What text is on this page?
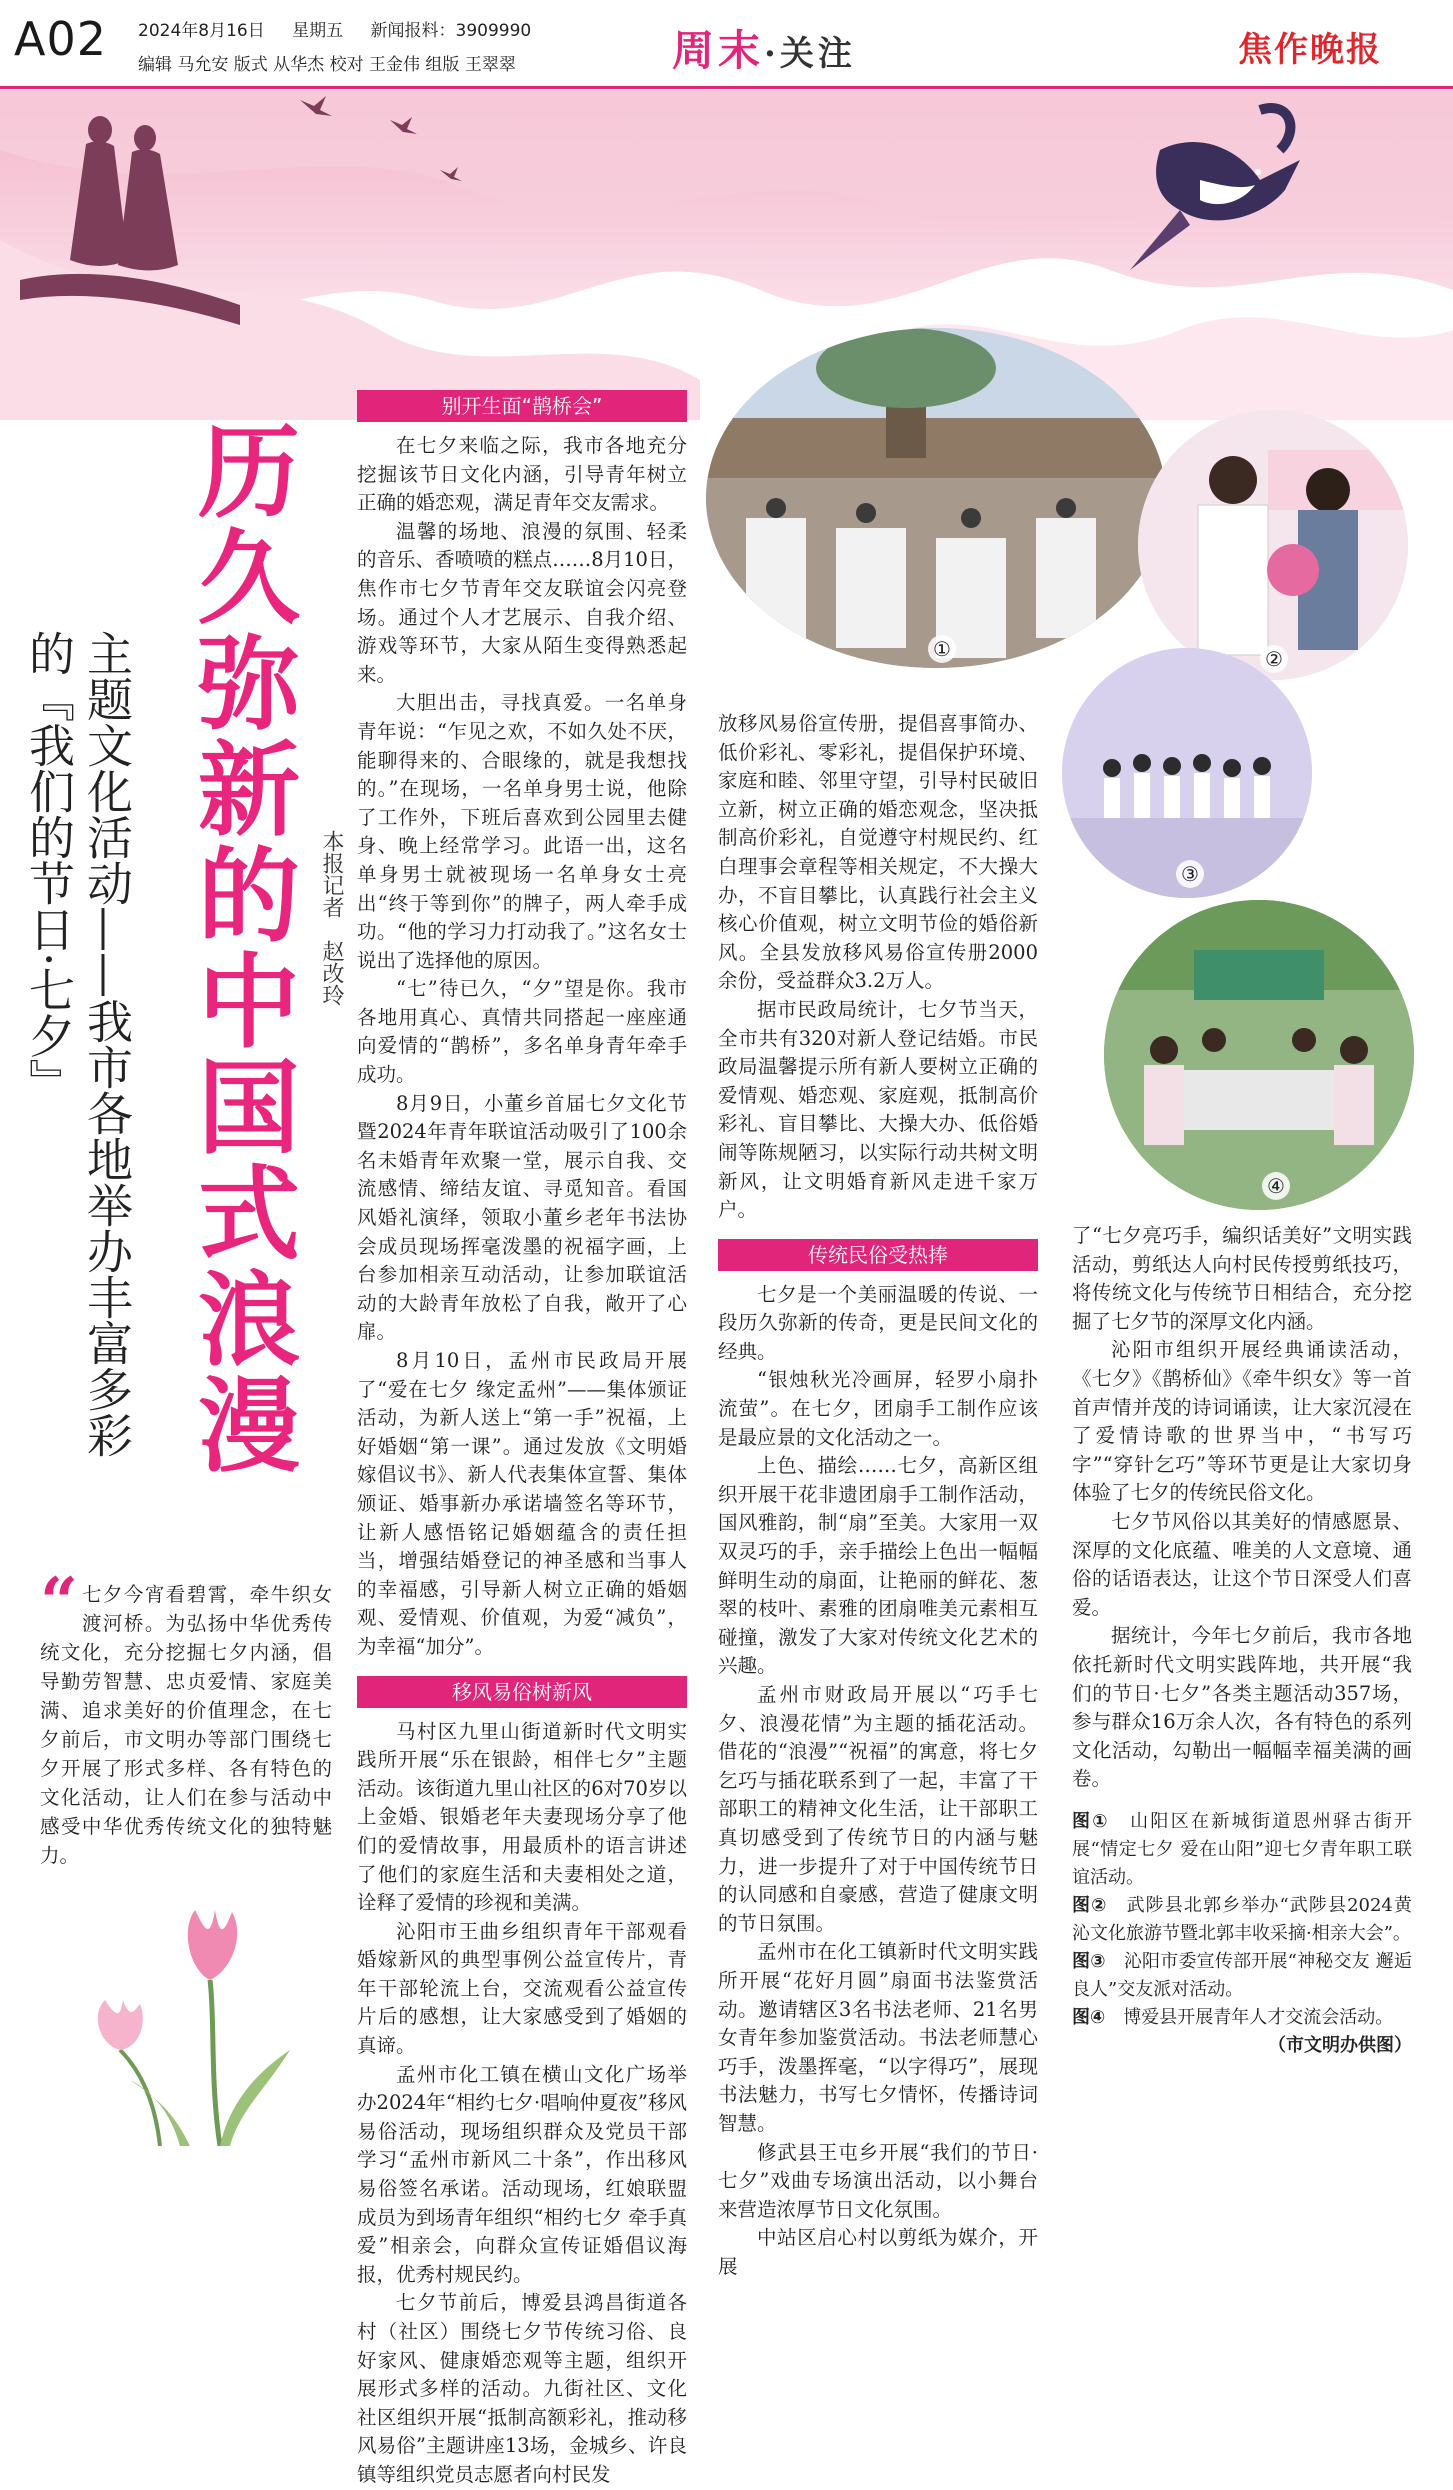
A02 2024年8月16日 星期五 新闻报料：3909990
编辑 马允安 版式 从华杰 校对 王金伟 组版 王翠翠	周末·关注	焦作晚报
历久弥新的中国式浪漫
主题文化活动——我市各地举办丰富多彩的『我们的节日·七夕』	本报记者　赵改玲
“ 七夕今宵看碧霄，牵牛织女渡河桥。为弘扬中华优秀传统文化，充分挖掘七夕内涵，倡导勤劳智慧、忠贞爱情、家庭美满、追求美好的价值理念，在七夕前后，市文明办等部门围绕七夕开展了形式多样、各有特色的文化活动，让人们在参与活动中感受中华优秀传统文化的独特魅力。
别开生面“鹊桥会”

在七夕来临之际，我市各地充分挖掘该节日文化内涵，引导青年树立正确的婚恋观，满足青年交友需求。

温馨的场地、浪漫的氛围、轻柔的音乐、香喷喷的糕点……8月10日，焦作市七夕节青年交友联谊会闪亮登场。通过个人才艺展示、自我介绍、游戏等环节，大家从陌生变得熟悉起来。

大胆出击，寻找真爱。一名单身青年说：“乍见之欢，不如久处不厌，能聊得来的、合眼缘的，就是我想找的。”在现场，一名单身男士说，他除了工作外，下班后喜欢到公园里去健身、晚上经常学习。此语一出，这名单身男士就被现场一名单身女士亮出“终于等到你”的牌子，两人牵手成功。“他的学习力打动我了。”这名女士说出了选择他的原因。

“七”待已久，“夕”望是你。我市各地用真心、真情共同搭起一座座通向爱情的“鹊桥”，多名单身青年牵手成功。

8月9日，小董乡首届七夕文化节暨2024年青年联谊活动吸引了100余名未婚青年欢聚一堂，展示自我、交流感情、缔结友谊、寻觅知音。看国风婚礼演绎，领取小董乡老年书法协会成员现场挥毫泼墨的祝福字画，上台参加相亲互动活动，让参加联谊活动的大龄青年放松了自我，敞开了心扉。

8月10日，孟州市民政局开展了“爱在七夕 缘定孟州”——集体颁证活动，为新人送上“第一手”祝福，上好婚姻“第一课”。通过发放《文明婚嫁倡议书》、新人代表集体宣誓、集体颁证、婚事新办承诺墙签名等环节，让新人感悟铭记婚姻蕴含的责任担当，增强结婚登记的神圣感和当事人的幸福感，引导新人树立正确的婚姻观、爱情观、价值观，为爱“减负”，为幸福“加分”。

移风易俗树新风

马村区九里山街道新时代文明实践所开展“乐在银龄，相伴七夕”主题活动。该街道九里山社区的6对70岁以上金婚、银婚老年夫妻现场分享了他们的爱情故事，用最质朴的语言讲述了他们的家庭生活和夫妻相处之道，诠释了爱情的珍视和美满。

沁阳市王曲乡组织青年干部观看婚嫁新风的典型事例公益宣传片，青年干部轮流上台，交流观看公益宣传片后的感想，让大家感受到了婚姻的真谛。

孟州市化工镇在横山文化广场举办2024年“相约七夕·唱响仲夏夜”移风易俗活动，现场组织群众及党员干部学习“孟州市新风二十条”，作出移风易俗签名承诺。活动现场，红娘联盟成员为到场青年组织“相约七夕 牵手真爱”相亲会，向群众宣传证婚倡议海报，优秀村规民约。

七夕节前后，博爱县鸿昌街道各村（社区）围绕七夕节传统习俗、良好家风、健康婚恋观等主题，组织开展形式多样的活动。九街社区、文化社区组织开展“抵制高额彩礼，推动移风易俗”主题讲座13场，金城乡、许良镇等组织党员志愿者向村民发

放移风易俗宣传册，提倡喜事简办、低价彩礼、零彩礼，提倡保护环境、家庭和睦、邻里守望，引导村民破旧立新，树立正确的婚恋观念，坚决抵制高价彩礼，自觉遵守村规民约、红白理事会章程等相关规定，不大操大办，不盲目攀比，认真践行社会主义核心价值观，树立文明节俭的婚俗新风。全县发放移风易俗宣传册2000余份，受益群众3.2万人。

据市民政局统计，七夕节当天，全市共有320对新人登记结婚。市民政局温馨提示所有新人要树立正确的爱情观、婚恋观、家庭观，抵制高价彩礼、盲目攀比、大操大办、低俗婚闹等陈规陋习，以实际行动共树文明新风，让文明婚育新风走进千家万户。

传统民俗受热捧

七夕是一个美丽温暖的传说、一段历久弥新的传奇，更是民间文化的经典。

“银烛秋光冷画屏，轻罗小扇扑流萤”。在七夕，团扇手工制作应该是最应景的文化活动之一。

上色、描绘……七夕，高新区组织开展干花非遗团扇手工制作活动，国风雅韵，制“扇”至美。大家用一双双灵巧的手，亲手描绘上色出一幅幅鲜明生动的扇面，让艳丽的鲜花、葱翠的枝叶、素雅的团扇唯美元素相互碰撞，激发了大家对传统文化艺术的兴趣。

孟州市财政局开展以“巧手七夕、浪漫花情”为主题的插花活动。借花的“浪漫”“祝福”的寓意，将七夕乞巧与插花联系到了一起，丰富了干部职工的精神文化生活，让干部职工真切感受到了传统节日的内涵与魅力，进一步提升了对于中国传统节日的认同感和自豪感，营造了健康文明的节日氛围。

孟州市在化工镇新时代文明实践所开展“花好月圆”扇面书法鉴赏活动。邀请辖区3名书法老师、21名男女青年参加鉴赏活动。书法老师慧心巧手，泼墨挥毫，“以字得巧”，展现书法魅力，书写七夕情怀，传播诗词智慧。

修武县王屯乡开展“我们的节日·七夕”戏曲专场演出活动，以小舞台来营造浓厚节日文化氛围。

中站区启心村以剪纸为媒介，开展

了“七夕亮巧手，编织话美好”文明实践活动，剪纸达人向村民传授剪纸技巧，将传统文化与传统节日相结合，充分挖掘了七夕节的深厚文化内涵。

沁阳市组织开展经典诵读活动，《七夕》《鹊桥仙》《牵牛织女》等一首首声情并茂的诗词诵读，让大家沉浸在了爱情诗歌的世界当中，“书写巧字”“穿针乞巧”等环节更是让大家切身体验了七夕的传统民俗文化。

七夕节风俗以其美好的情感愿景、深厚的文化底蕴、唯美的人文意境、通俗的话语表达，让这个节日深受人们喜爱。

据统计，今年七夕前后，我市各地依托新时代文明实践阵地，共开展“我们的节日·七夕”各类主题活动357场，参与群众16万余人次，各有特色的系列文化活动，勾勒出一幅幅幸福美满的画卷。

图①　 山阳区在新城街道恩州驿古街开展“情定七夕 爱在山阳”迎七夕青年职工联谊活动。
图②　 武陟县北郭乡举办“武陟县2024黄沁文化旅游节暨北郭丰收采摘·相亲大会”。
图③　 沁阳市委宣传部开展“神秘交友 邂逅良人”交友派对活动。
图④　 博爱县开展青年人才交流会活动。
（市文明办供图）
①	②
③
④
